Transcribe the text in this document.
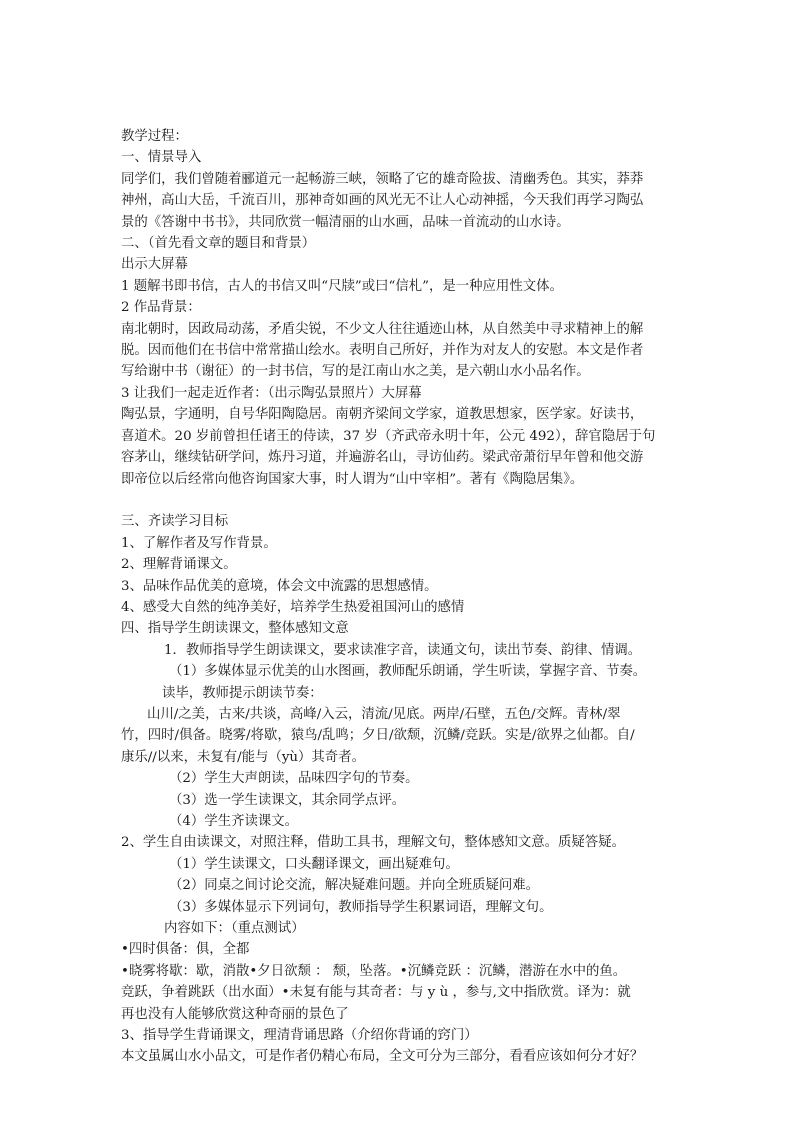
教学过程：
一、情景导入
同学们，我们曾随着郦道元一起畅游三峡，领略了它的雄奇险拔、清幽秀色。其实，莽莽
神州，高山大岳，千流百川，那神奇如画的风光无不让人心动神摇，今天我们再学习陶弘
景的《答谢中书书》，共同欣赏一幅清丽的山水画，品味一首流动的山水诗。
二、（首先看文章的题目和背景）
出示大屏幕
1 题解书即书信，古人的书信又叫“尺牍”或曰“信札”，是一种应用性文体。
2 作品背景：
南北朝时，因政局动荡，矛盾尖锐，不少文人往往遁迹山林，从自然美中寻求精神上的解
脱。因而他们在书信中常常描山绘水。表明自己所好，并作为对友人的安慰。本文是作者
写给谢中书（谢征）的一封书信，写的是江南山水之美，是六朝山水小品名作。
3 让我们一起走近作者：（出示陶弘景照片）大屏幕
陶弘景，字通明，自号华阳陶隐居。南朝齐梁间文学家，道教思想家，医学家。好读书，
喜道术。20 岁前曾担任诸王的侍读，37 岁（齐武帝永明十年，公元 492），辞官隐居于句
容茅山，继续钻研学问，炼丹习道，并遍游名山，寻访仙药。梁武帝萧衍早年曾和他交游
即帝位以后经常向他咨询国家大事，时人谓为“山中宰相”。著有《陶隐居集》。
三、齐读学习目标
1、了解作者及写作背景。
2、理解背诵课文。
3、品味作品优美的意境，体会文中流露的思想感情。
4、感受大自然的纯净美好，培养学生热爱祖国河山的感情
四、指导学生朗读课文，整体感知文意
1．教师指导学生朗读课文，要求读准字音，读通文句，读出节奏、韵律、情调。
（1）多媒体显示优美的山水图画，教师配乐朗诵，学生听读，掌握字音、节奏。
读毕，教师提示朗读节奏：
山川/之美，古来/共谈，高峰/入云，清流/见底。两岸/石壁，五色/交辉。青林/翠
竹，四时/俱备。晓雾/将歇，猿鸟/乱鸣；夕日/欲颓，沉鳞/竞跃。实是/欲界之仙都。自/
康乐//以来，未复有/能与（yù）其奇者。
（2）学生大声朗读，品味四字句的节奏。
（3）选一学生读课文，其余同学点评。
（4）学生齐读课文。
2、学生自由读课文，对照注释，借助工具书，理解文句，整体感知文意。质疑答疑。
（1）学生读课文，口头翻译课文，画出疑难句。
（2）同桌之间讨论交流，解决疑难问题。并向全班质疑问难。
（3）多媒体显示下列词句，教师指导学生积累词语，理解文句。
内容如下：（重点测试）
•四时俱备：俱，全都
•晓雾将歇：歇，消散•夕日欲颓 ： 颓，坠落。•沉鳞竞跃 ：沉鳞，潜游在水中的鱼。
竞跃，争着跳跃（出水面）•未复有能与其奇者：与 y ù ，参与,文中指欣赏。译为：就
再也没有人能够欣赏这种奇丽的景色了
3、指导学生背诵课文，理清背诵思路（介绍你背诵的窍门）
本文虽属山水小品文，可是作者仍精心布局，全文可分为三部分，看看应该如何分才好？
